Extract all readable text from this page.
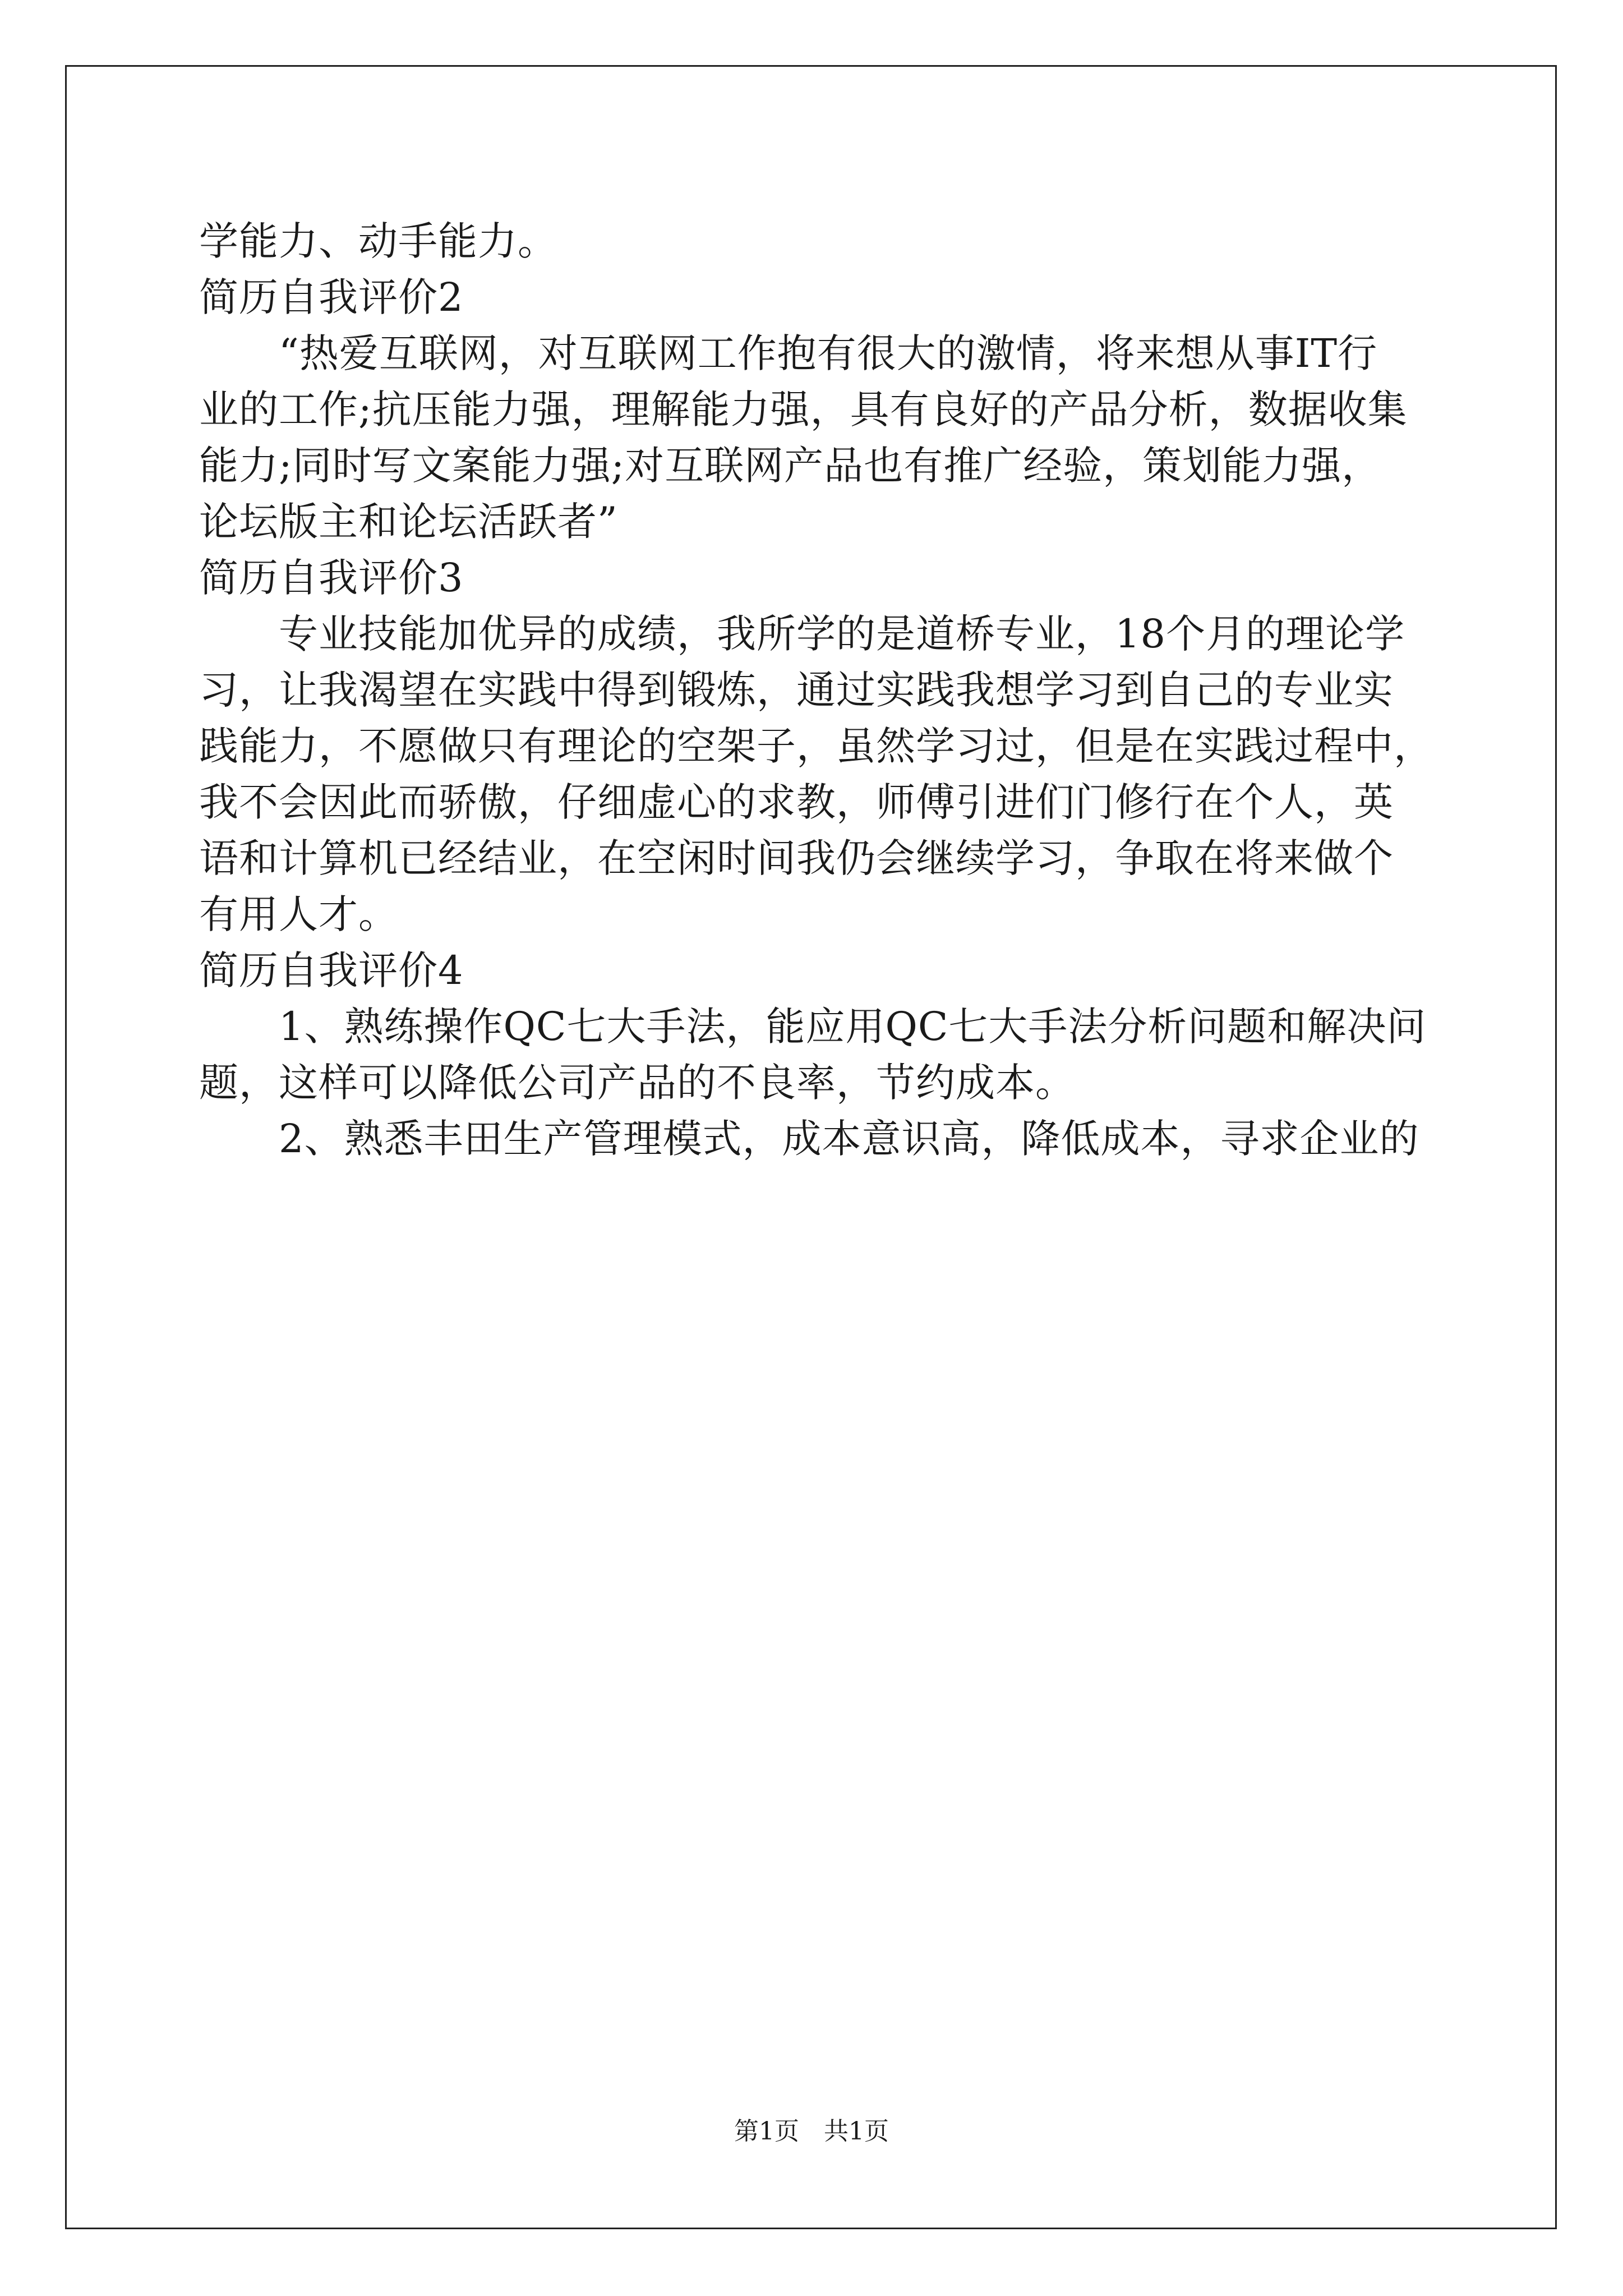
学能力、动手能力。
简历自我评价2
　　“热爱互联网，对互联网工作抱有很大的激情，将来想从事IT行
业的工作;抗压能力强，理解能力强，具有良好的产品分析，数据收集
能力;同时写文案能力强;对互联网产品也有推广经验，策划能力强，
论坛版主和论坛活跃者”
简历自我评价3
　　专业技能加优异的成绩，我所学的是道桥专业，18个月的理论学
习，让我渴望在实践中得到锻炼，通过实践我想学习到自己的专业实
践能力，不愿做只有理论的空架子，虽然学习过，但是在实践过程中，
我不会因此而骄傲，仔细虚心的求教，师傅引进们门修行在个人，英
语和计算机已经结业，在空闲时间我仍会继续学习，争取在将来做个
有用人才。
简历自我评价4
　　1、熟练操作QC七大手法，能应用QC七大手法分析问题和解决问
题，这样可以降低公司产品的不良率，节约成本。
　　2、熟悉丰田生产管理模式，成本意识高，降低成本，寻求企业的
第1页　共1页
